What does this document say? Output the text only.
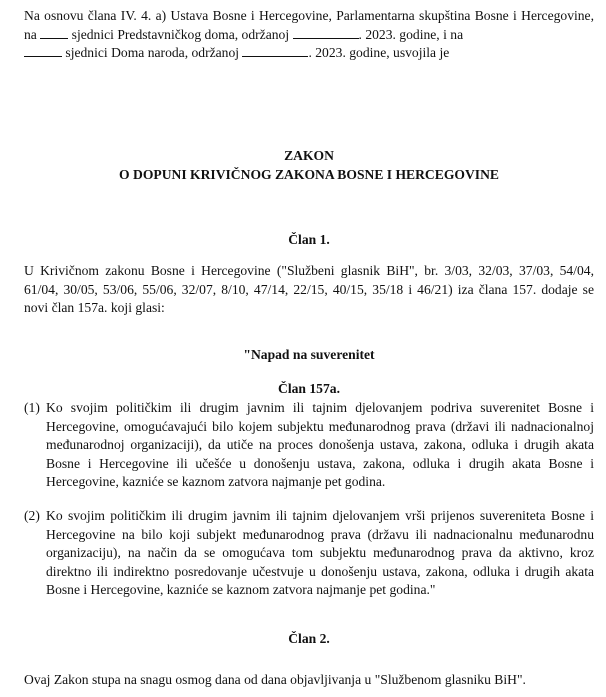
Na osnovu člana IV. 4. a) Ustava Bosne i Hercegovine, Parlamentarna skupština Bosne i Hercegovine, na	sjednici Predstavničkog doma, održanoj	. 2023. godine, i na
sjednici Doma naroda, održanoj	. 2023. godine, usvojila je

ZAKON
O DOPUNI KRIVIČNOG ZAKONA BOSNE I HERCEGOVINE

Član 1.

U Krivičnom zakonu Bosne i Hercegovine ("Službeni glasnik BiH", br. 3/03, 32/03, 37/03, 54/04, 61/04, 30/05, 53/06, 55/06, 32/07, 8/10, 47/14, 22/15, 40/15, 35/18 i 46/21) iza člana 157. dodaje se novi član 157a. koji glasi:

"Napad na suverenitet

Član 157a.

(1) Ko svojim političkim ili drugim javnim ili tajnim djelovanjem podriva suverenitet Bosne i Hercegovine, omogućavajući bilo kojem subjektu međunarodnog prava (državi ili nadnacionalnoj međunarodnoj organizaciji), da utiče na proces donošenja ustava, zakona, odluka i drugih akata Bosne i Hercegovine ili učešće u donošenju ustava, zakona, odluka i drugih akata Bosne i Hercegovine, kazniće se kaznom zatvora najmanje pet godina.
(2) Ko svojim političkim ili drugim javnim ili tajnim djelovanjem vrši prijenos suvereniteta Bosne i Hercegovine na bilo koji subjekt međunarodnog prava (državu ili nadnacionalnu međunarodnu organizaciju), na način da se omogućava tom subjektu međunarodnog prava da aktivno, kroz direktno ili indirektno posredovanje učestvuje u donošenju ustava, zakona, odluka i drugih akata Bosne i Hercegovine, kazniće se kaznom zatvora najmanje pet godina."

Član 2.

Ovaj Zakon stupa na snagu osmog dana od dana objavljivanja u "Službenom glasniku BiH".
